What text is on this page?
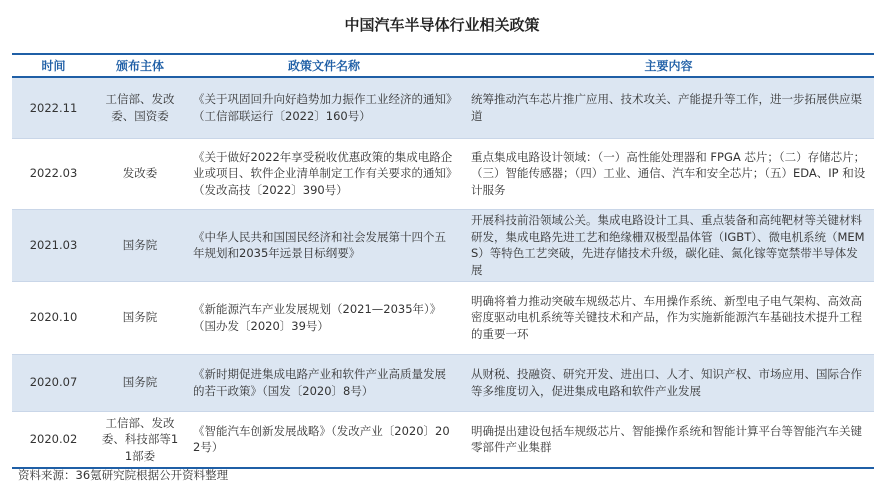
中国汽车半导体行业相关政策
时间	颁布主体	政策文件名称	主要内容
2022.11	工信部、发改委、国资委	《关于巩固回升向好趋势加力振作工业经济的通知》（工信部联运行〔2022〕160号）	统筹推动汽车芯片推广应用、技术攻关、产能提升等工作，进一步拓展供应渠道
2022.03	发改委	《关于做好2022年享受税收优惠政策的集成电路企业或项目、软件企业清单制定工作有关要求的通知》（发改高技〔2022〕390号）	重点集成电路设计领域：（一）高性能处理器和 FPGA 芯片；（二）存储芯片；（三）智能传感器；（四）工业、通信、汽车和安全芯片；（五）EDA、IP 和设计服务
2021.03	国务院	《中华人民共和国国民经济和社会发展第十四个五年规划和2035年远景目标纲要》	开展科技前沿领域公关。集成电路设计工具、重点装备和高纯靶材等关键材料研发，集成电路先进工艺和绝缘栅双极型晶体管（IGBT）、微电机系统（MEMS）等特色工艺突破，先进存储技术升级，碳化硅、氮化镓等宽禁带半导体发展
2020.10	国务院	《新能源汽车产业发展规划（2021—2035年）》（国办发〔2020〕39号）	明确将着力推动突破车规级芯片、车用操作系统、新型电子电气架构、高效高密度驱动电机系统等关键技术和产品，作为实施新能源汽车基础技术提升工程的重要一环
2020.07	国务院	《新时期促进集成电路产业和软件产业高质量发展的若干政策》（国发〔2020〕8号）	从财税、投融资、研究开发、进出口、人才、知识产权、市场应用、国际合作等多维度切入，促进集成电路和软件产业发展
2020.02	工信部、发改委、科技部等11部委	《智能汽车创新发展战略》（发改产业〔2020〕202号）	明确提出建设包括车规级芯片、智能操作系统和智能计算平台等智能汽车关键零部件产业集群
资料来源：36氪研究院根据公开资料整理
